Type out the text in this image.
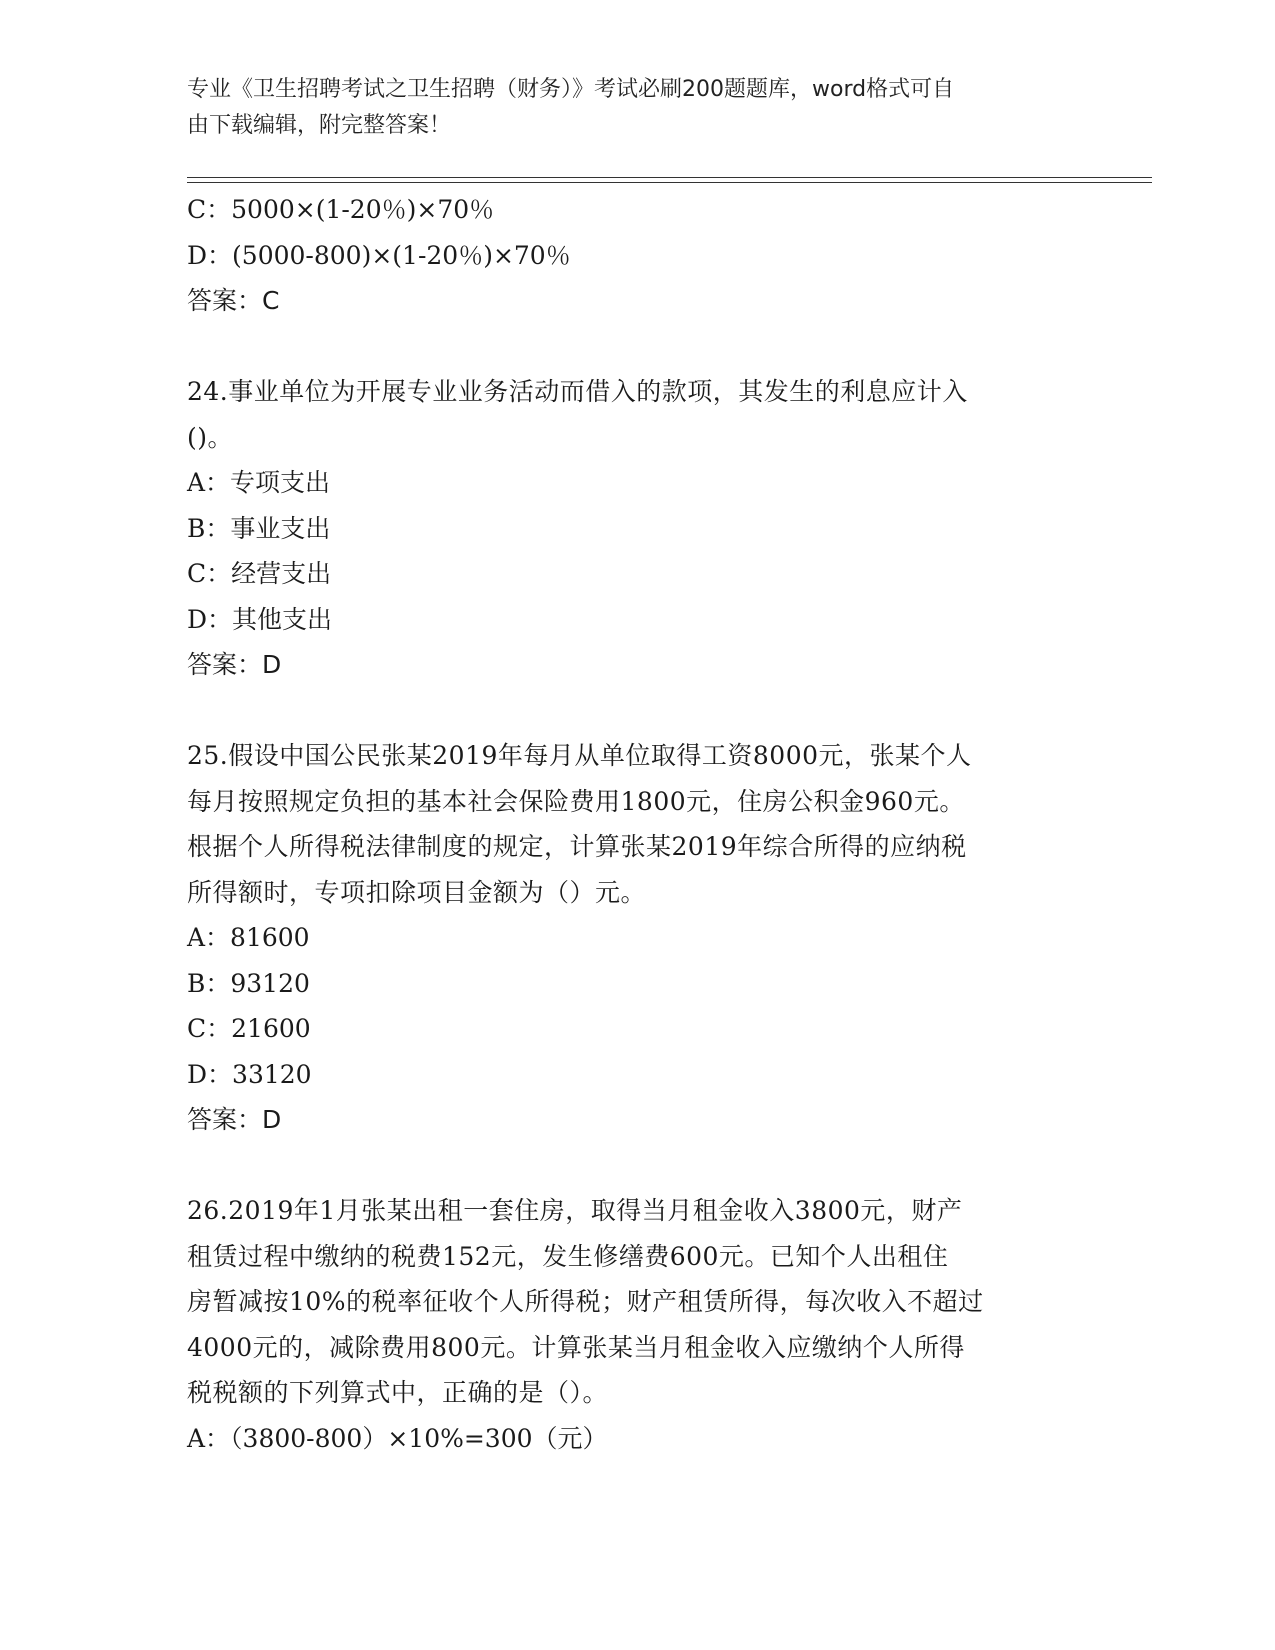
专业《卫生招聘考试之卫生招聘（财务）》考试必刷200题题库，word格式可自
由下载编辑，附完整答案！
C：5000×(1-20％)×70％
D：(5000-800)×(1-20％)×70％
答案：C
24.事业单位为开展专业业务活动而借入的款项，其发生的利息应计入
()。
A：专项支出
B：事业支出
C：经营支出
D：其他支出
答案：D
25.假设中国公民张某2019年每月从单位取得工资8000元，张某个人
每月按照规定负担的基本社会保险费用1800元，住房公积金960元。
根据个人所得税法律制度的规定，计算张某2019年综合所得的应纳税
所得额时，专项扣除项目金额为（）元。
A：81600
B：93120
C：21600
D：33120
答案：D
26.2019年1月张某出租一套住房，取得当月租金收入3800元，财产
租赁过程中缴纳的税费152元，发生修缮费600元。已知个人出租住
房暂减按10%的税率征收个人所得税；财产租赁所得，每次收入不超过
4000元的，减除费用800元。计算张某当月租金收入应缴纳个人所得
税税额的下列算式中，正确的是（）。
A：（3800-800）×10%=300（元）
